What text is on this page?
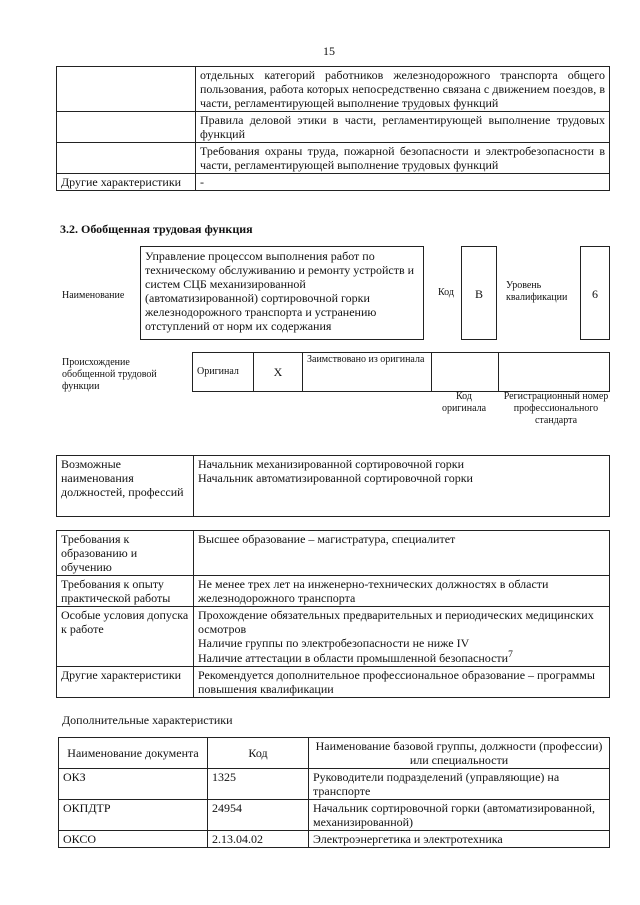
15
	отдельных категорий работников железнодорожного транспорта общего пользования, работа которых непосредственно связана с движением поездов, в части, регламентирующей выполнение трудовых функций
	Правила деловой этики в части, регламентирующей выполнение трудовых функций
	Требования охраны труда, пожарной безопасности и электробезопасности в части, регламентирующей выполнение трудовых функций
Другие характеристики	-
3.2. Обобщенная трудовая функция
Наименование
Управление процессом выполнения работ по техническому обслуживанию и ремонту устройств и систем СЦБ механизированной (автоматизированной) сортировочной горки железнодорожного транспорта и устранению отступлений от норм их содержания
Код	B
Уровень квалификации	6
Происхождение обобщенной трудовой функции
Оригинал	X	Заимствовано из оригинала		
Код оригинала
Регистрационный номер профессионального стандарта
Возможные наименования должностей, профессий	Начальник механизированной сортировочной горки
Начальник автоматизированной сортировочной горки
Требования к образованию и обучению	Высшее образование – магистратура, специалитет
Требования к опыту практической работы	Не менее трех лет на инженерно-технических должностях в области железнодорожного транспорта
Особые условия допуска к работе	Прохождение обязательных предварительных и периодических медицинских осмотров
Наличие группы по электробезопасности не ниже IV
Наличие аттестации в области промышленной безопасности$^7$
Другие характеристики	Рекомендуется дополнительное профессиональное образование – программы повышения квалификации
Дополнительные характеристики
Наименование документа	Код	Наименование базовой группы, должности (профессии) или специальности
ОКЗ	1325	Руководители подразделений (управляющие) на транспорте
ОКПДТР	24954	Начальник сортировочной горки (автоматизированной, механизированной)
ОКСО	2.13.04.02	Электроэнергетика и электротехника
